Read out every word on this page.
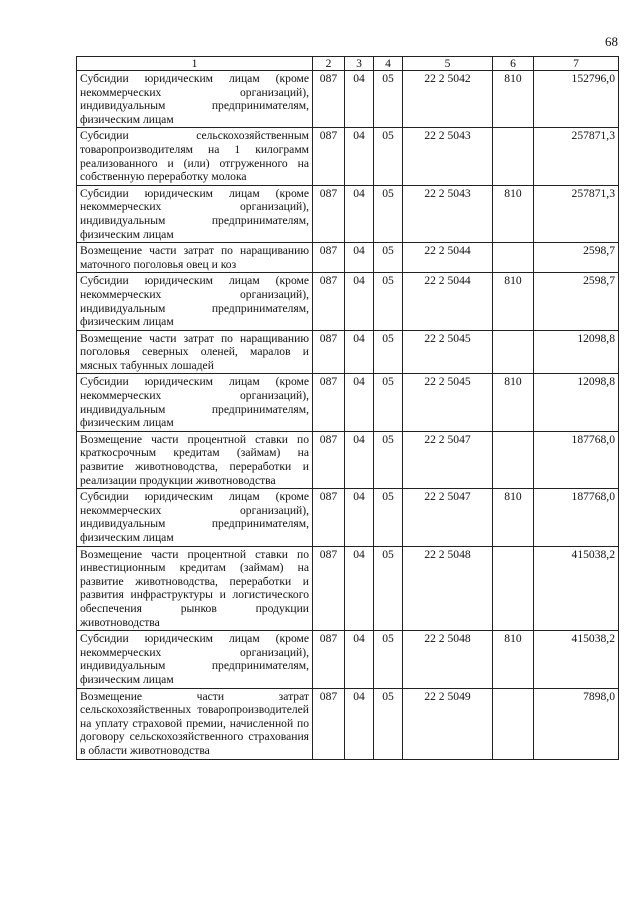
68
1	2	3	4	5	6	7
Субсидии юридическим лицам (кроме некоммерческих организаций), индивидуальным предпринимателям, физическим лицам	087	04	05	22 2 5042	810	152796,0
Субсидии сельскохозяйственным товаропроизводителям на 1 килограмм реализованного и (или) отгруженного на собственную переработку молока	087	04	05	22 2 5043		257871,3
Субсидии юридическим лицам (кроме некоммерческих организаций), индивидуальным предпринимателям, физическим лицам	087	04	05	22 2 5043	810	257871,3
Возмещение части затрат по наращиванию маточного поголовья овец и коз	087	04	05	22 2 5044		2598,7
Субсидии юридическим лицам (кроме некоммерческих организаций), индивидуальным предпринимателям, физическим лицам	087	04	05	22 2 5044	810	2598,7
Возмещение части затрат по наращиванию поголовья северных оленей, маралов и мясных табунных лошадей	087	04	05	22 2 5045		12098,8
Субсидии юридическим лицам (кроме некоммерческих организаций), индивидуальным предпринимателям, физическим лицам	087	04	05	22 2 5045	810	12098,8
Возмещение части процентной ставки по краткосрочным кредитам (займам) на развитие животноводства, переработки и реализации продукции животноводства	087	04	05	22 2 5047		187768,0
Субсидии юридическим лицам (кроме некоммерческих организаций), индивидуальным предпринимателям, физическим лицам	087	04	05	22 2 5047	810	187768,0
Возмещение части процентной ставки по инвестиционным кредитам (займам) на развитие животноводства, переработки и развития инфраструктуры и логистического обеспечения рынков продукции животноводства	087	04	05	22 2 5048		415038,2
Субсидии юридическим лицам (кроме некоммерческих организаций), индивидуальным предпринимателям, физическим лицам	087	04	05	22 2 5048	810	415038,2
Возмещение части затрат сельскохозяйственных товаропроизводителей на уплату страховой премии, начисленной по договору сельскохозяйственного страхования в области животноводства	087	04	05	22 2 5049		7898,0
